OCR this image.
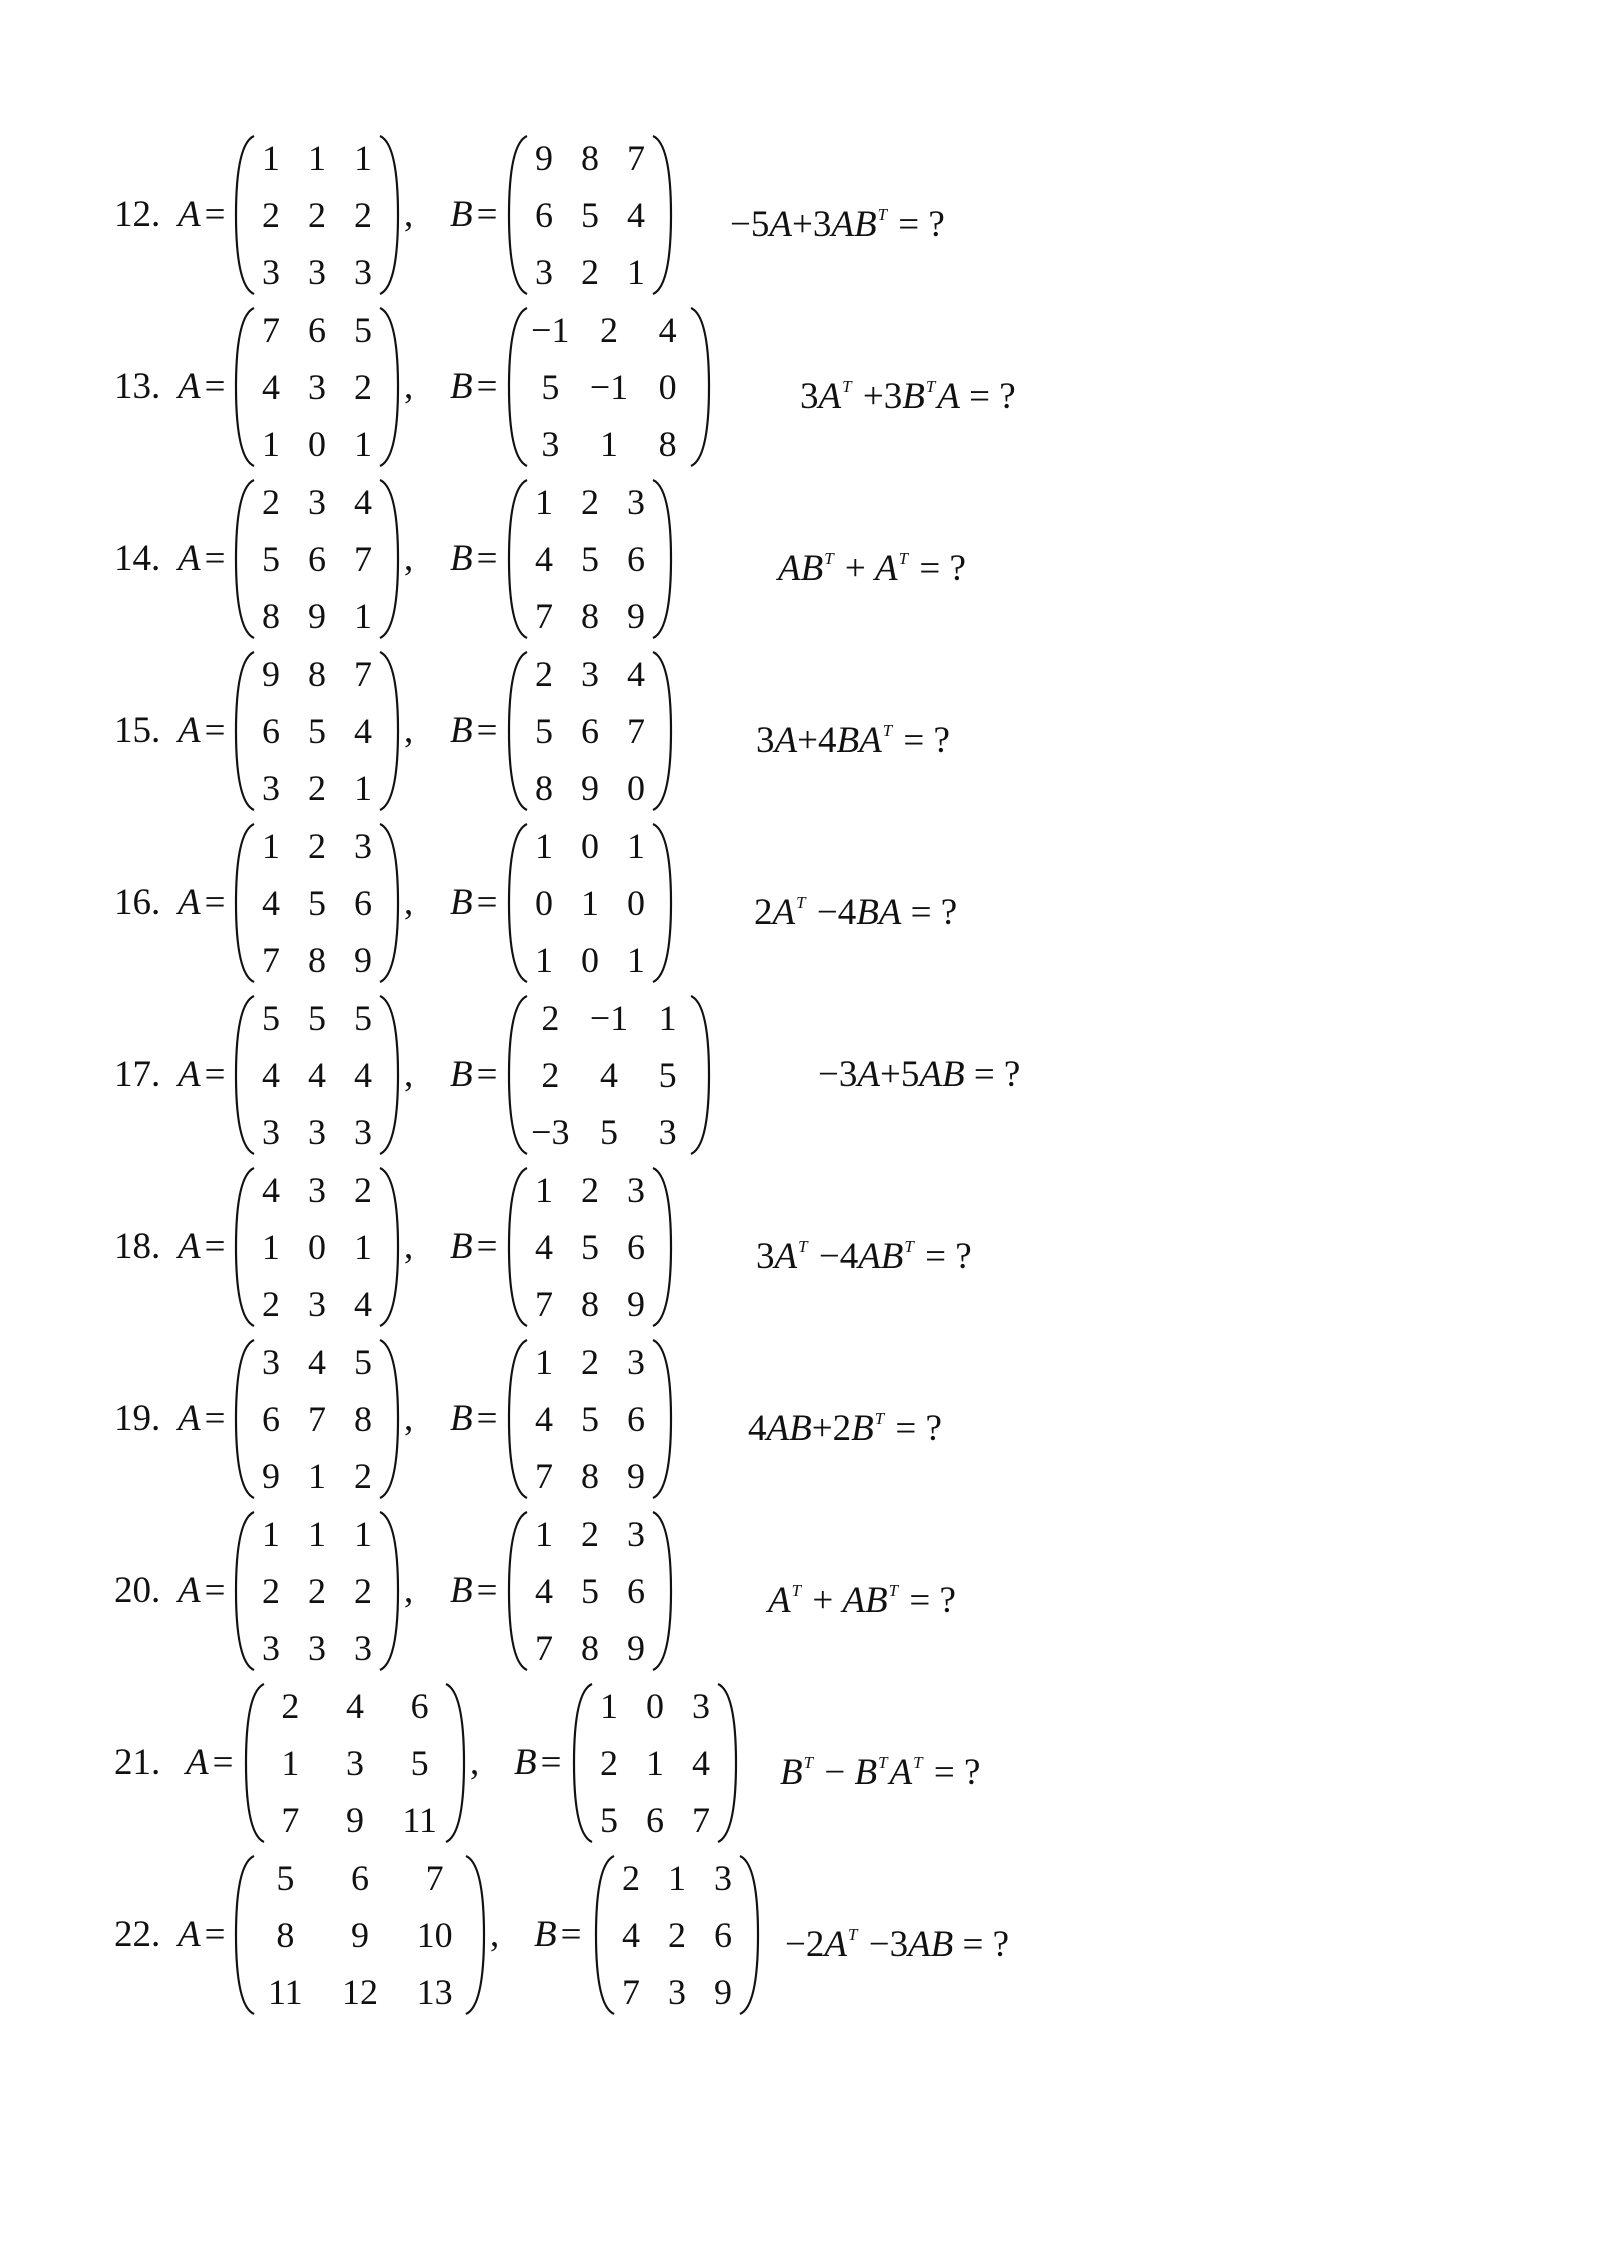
12. A =
1 1 1
2 2 2
3 3 3
, B =
9 8 7
6 5 4
3 2 1
$-5A+3AB^T$ = ?
13. A =
7 6 5
4 3 2
1 0 1
, B =
−1 2	4
5 −1 0
3	1	8
$3A^T +3B^TA$ = ?
14. A =
2 3 4
5 6 7
8 9 1
, B =
1 2 3
4 5 6
7 8 9
$AB^T + A^T$ = ?
15. A =
9 8 7
6 5 4
3 2 1
, B =
2 3 4
5 6 7
8 9 0
$3A+4BA^T$ = ?
16. A =
1 2 3
4 5 6
7 8 9
, B =
1 0 1
0 1 0
1 0 1
$2A^T -4BA$ = ?
17. A =
5 5 5
4 4 4
3 3 3
, B =
2 −1 1
2	4	5
−3 5	3
−3A+5AB = ?
18. A =
4 3 2
1 0 1
2 3 4
, B =
1 2 3
4 5 6
7 8 9
$3A^T -4AB^T$ = ?
19. A =
3 4 5
6 7 8
9 1 2
, B =
1 2 3
4 5 6
7 8 9
$4AB+2B^T$ = ?
20. A =
1 1 1
2 2 2
3 3 3
, B =
1 2 3
4 5 6
7 8 9
$A^T + AB^T$ = ?
21. A =
2	4	6
1	3	5
7	9	11
, B =
1 0 3
2 1 4
5 6 7
$B^T - B^TA^T$ = ?
22. A =
5	6	7
8	9	10
11	12	13
, B =
2 1 3
4 2 6
7 3 9
$-2A^T -3AB$ = ?
